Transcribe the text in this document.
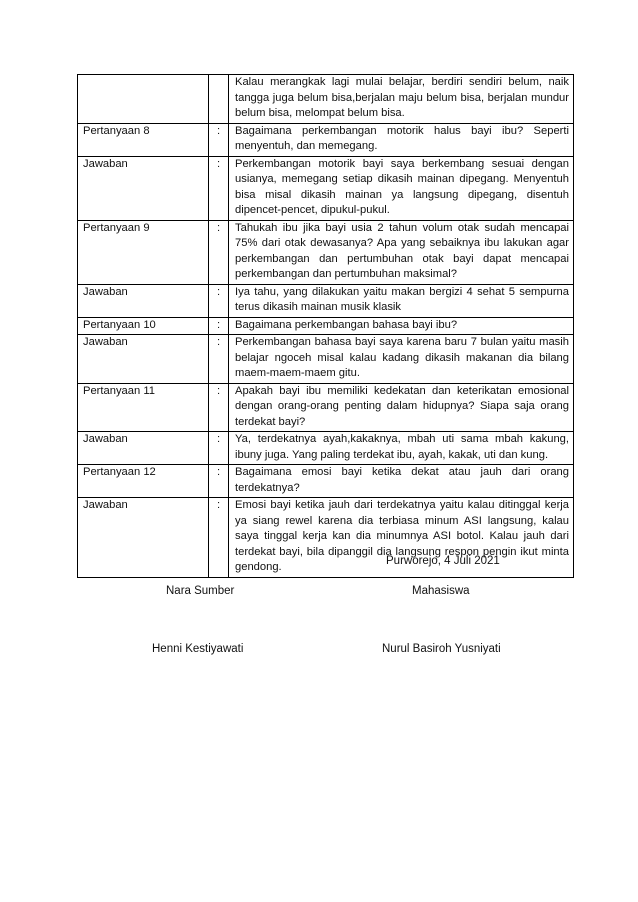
		Kalau merangkak lagi mulai belajar, berdiri sendiri belum, naik tangga juga belum bisa,berjalan maju belum bisa, berjalan mundur belum bisa, melompat belum bisa.
Pertanyaan 8	:	Bagaimana perkembangan motorik halus bayi ibu? Seperti menyentuh, dan memegang.
Jawaban	:	Perkembangan motorik bayi saya berkembang sesuai dengan usianya, memegang setiap dikasih mainan dipegang. Menyentuh bisa misal dikasih mainan ya langsung dipegang, disentuh dipencet-pencet, dipukul-pukul.
Pertanyaan 9	:	Tahukah ibu jika bayi usia 2 tahun volum otak sudah mencapai 75% dari otak dewasanya? Apa yang sebaiknya ibu lakukan agar perkembangan dan pertumbuhan otak bayi dapat mencapai perkembangan dan pertumbuhan maksimal?
Jawaban	:	Iya tahu, yang dilakukan yaitu makan bergizi 4 sehat 5 sempurna terus dikasih mainan musik klasik
Pertanyaan 10	:	Bagaimana perkembangan bahasa bayi ibu?
Jawaban	:	Perkembangan bahasa bayi saya karena baru 7 bulan yaitu masih belajar ngoceh misal kalau kadang dikasih makanan dia bilang maem-maem-maem gitu.
Pertanyaan 11	:	Apakah bayi ibu memiliki kedekatan dan keterikatan emosional dengan orang-orang penting dalam hidupnya? Siapa saja orang terdekat bayi?
Jawaban	:	Ya, terdekatnya ayah,kakaknya, mbah uti sama mbah kakung, ibuny juga. Yang paling terdekat ibu, ayah, kakak, uti dan kung.
Pertanyaan 12	:	Bagaimana emosi bayi ketika dekat atau jauh dari orang terdekatnya?
Jawaban	:	Emosi bayi ketika jauh dari terdekatnya yaitu kalau ditinggal kerja ya siang rewel karena dia terbiasa minum ASI langsung, kalau saya tinggal kerja kan dia minumnya ASI botol. Kalau jauh dari terdekat bayi, bila dipanggil dia langsung respon pengin ikut minta gendong.	Purworejo, 4 Juli 2021
Nara Sumber	Mahasiswa
Henni Kestiyawati	Nurul Basiroh Yusniyati
